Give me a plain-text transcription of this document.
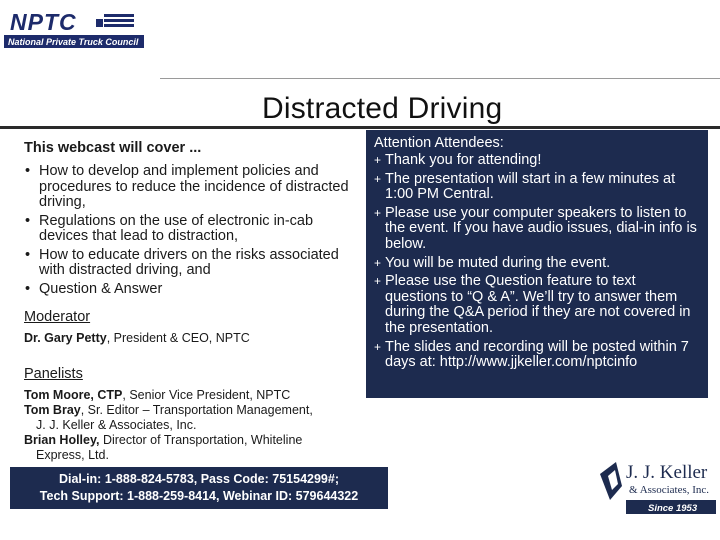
NPTC
National Private Truck Council
Distracted Driving

This webcast will cover ...

• How to develop and implement policies and procedures to reduce the incidence of distracted driving,
• Regulations on the use of electronic in-cab devices that lead to distraction,
• How to educate drivers on the risks associated with distracted driving, and
• Question & Answer
Moderator
Dr. Gary Petty, President & CEO, NPTC
Panelists
Tom Moore, CTP, Senior Vice President, NPTC
Tom Bray, Sr. Editor – Transportation Management,
J. J. Keller & Associates, Inc.
Brian Holley, Director of Transportation, Whiteline
Express, Ltd.
Attention Attendees:
+ Thank you for attending!
+ The presentation will start in a few minutes at 1:00 PM Central.
+ Please use your computer speakers to listen to the event. If you have audio issues, dial-in info is below.
+ You will be muted during the event.
+ Please use the Question feature to text questions to “Q & A”. We’ll try to answer them during the Q&A period if they are not covered in the presentation.
+ The slides and recording will be posted within 7 days at: http://www.jjkeller.com/nptcinfo
Dial-in: 1-888-824-5783, Pass Code: 75154299#;
Tech Support: 1-888-259-8414, Webinar ID: 579644322
J. J. Keller
& Associates, Inc.
Since 1953
